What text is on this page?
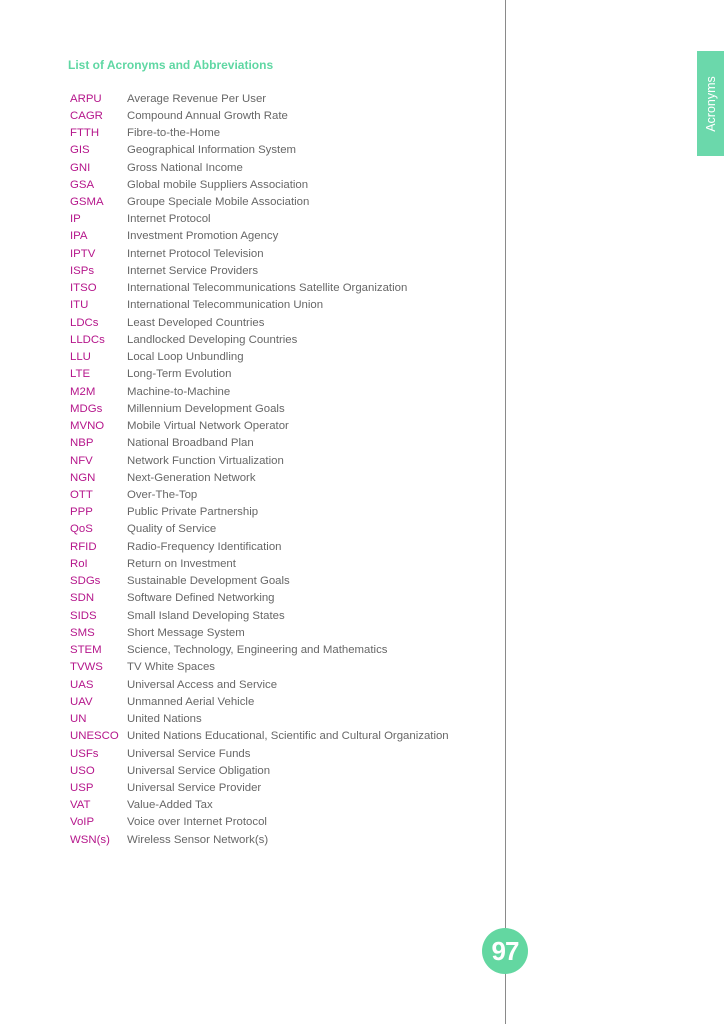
List of Acronyms and Abbreviations
ARPU	Average Revenue Per User
CAGR	Compound Annual Growth Rate
FTTH	Fibre-to-the-Home
GIS	Geographical Information System
GNI	Gross National Income
GSA	Global mobile Suppliers Association
GSMA	Groupe Speciale Mobile Association
IP	Internet Protocol
IPA	Investment Promotion Agency
IPTV	Internet Protocol Television
ISPs	Internet Service Providers
ITSO	International Telecommunications Satellite Organization
ITU	International Telecommunication Union
LDCs	Least Developed Countries
LLDCs	Landlocked Developing Countries
LLU	Local Loop Unbundling
LTE	Long-Term Evolution
M2M	Machine-to-Machine
MDGs	Millennium Development Goals
MVNO	Mobile Virtual Network Operator
NBP	National Broadband Plan
NFV	Network Function Virtualization
NGN	Next-Generation Network
OTT	Over-The-Top
PPP	Public Private Partnership
QoS	Quality of Service
RFID	Radio-Frequency Identification
RoI	Return on Investment
SDGs	Sustainable Development Goals
SDN	Software Defined Networking
SIDS	Small Island Developing States
SMS	Short Message System
STEM	Science, Technology, Engineering and Mathematics
TVWS	TV White Spaces
UAS	Universal Access and Service
UAV	Unmanned Aerial Vehicle
UN	United Nations
UNESCO United Nations Educational, Scientific and Cultural Organization
USFs	Universal Service Funds
USO	Universal Service Obligation
USP	Universal Service Provider
VAT	Value-Added Tax
VoIP	Voice over Internet Protocol
WSN(s)	Wireless Sensor Network(s)
Acronyms
97
